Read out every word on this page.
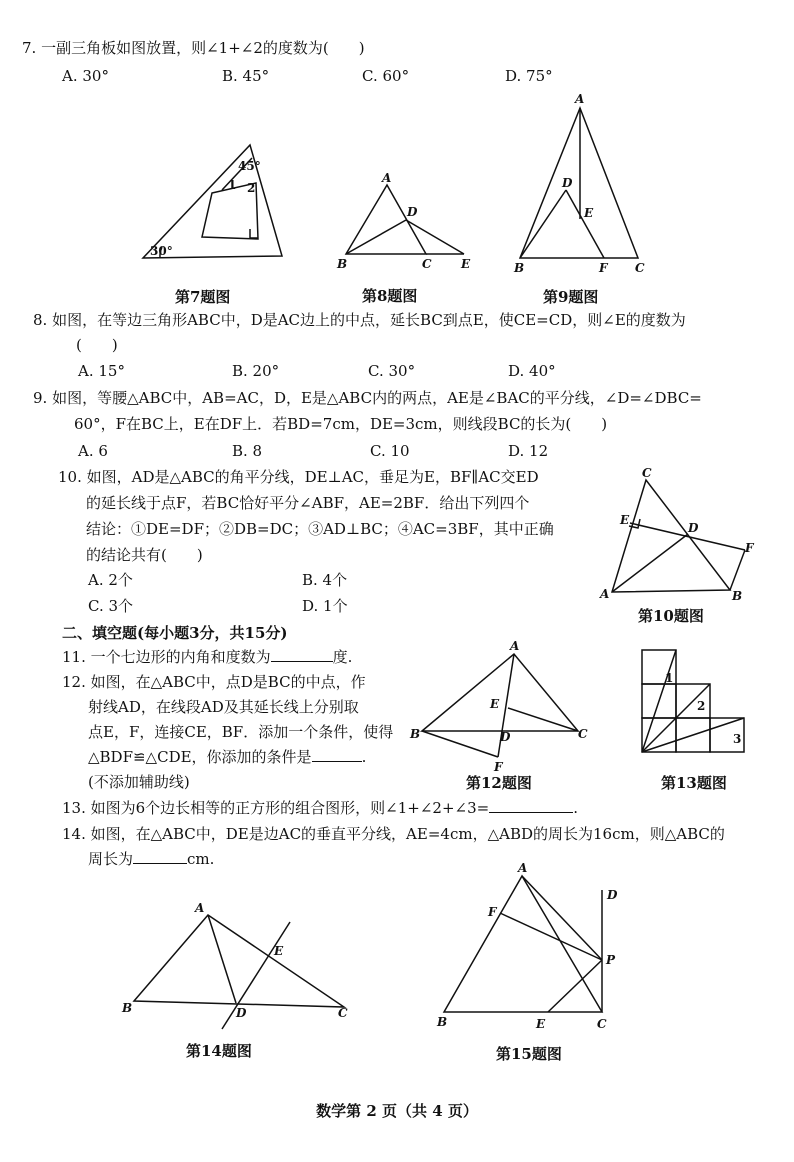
7. 一副三角板如图放置，则∠1+∠2的度数为(　　)
A. 30°	B. 45°	C. 60°	D. 75°
45°
1 2
30°
第7题图
A
D
B	C E
第8题图
A
D
E
B	F C
第9题图
8. 如图，在等边三角形ABC中，D是AC边上的中点，延长BC到点E，使CE=CD，则∠E的度数为
(　　)
A. 15°	B. 20°	C. 30°	D. 40°
9. 如图，等腰△ABC中，AB=AC，D，E是△ABC内的两点，AE是∠BAC的平分线，∠D=∠DBC=
60°，F在BC上，E在DF上．若BD=7cm，DE=3cm，则线段BC的长为(　　)
A. 6	B. 8	C. 10	D. 12
10. 如图，AD是△ABC的角平分线，DE⊥AC，垂足为E，BF∥AC交ED
的延长线于点F，若BC恰好平分∠ABF，AE=2BF．给出下列四个
结论：①DE=DF；②DB=DC；③AD⊥BC；④AC=3BF，其中正确
的结论共有(　　)
A. 2个	B. 4个
C. 3个	D. 1个
C
E
D
F
A	B
第10题图
二、填空题(每小题3分，共15分)
11. 一个七边形的内角和度数为	度.
12. 如图，在△ABC中，点D是BC的中点，作
射线AD，在线段AD及其延长线上分别取
点E，F，连接CE，BF．添加一个条件，使得
△BDF≌△CDE，你添加的条件是	.
(不添加辅助线)
A
E
B	D	C
F
第12题图
1
2
3
第13题图
13. 如图为6个边长相等的正方形的组合图形，则∠1+∠2+∠3=	.
14. 如图，在△ABC中，DE是边AC的垂直平分线，AE=4cm，△ABD的周长为16cm，则△ABC的
周长为	cm.
A
E
B	D	C
第14题图
A
D
F
P
B	E	C
第15题图
数学第 2 页（共 4 页）
